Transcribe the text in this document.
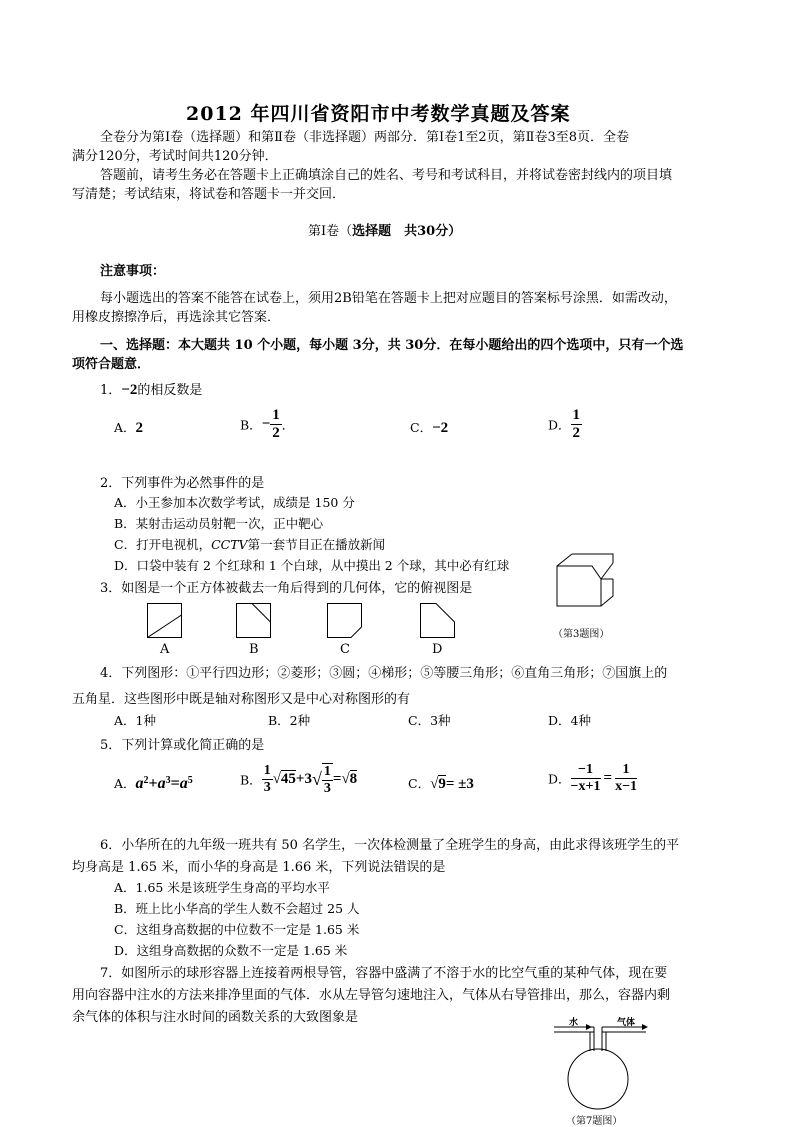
2012 年四川省资阳市中考数学真题及答案
全卷分为第Ⅰ卷（选择题）和第Ⅱ卷（非选择题）两部分．第Ⅰ卷1至2页，第Ⅱ卷3至8页．全卷
满分120分，考试时间共120分钟．
答题前，请考生务必在答题卡上正确填涂自己的姓名、考号和考试科目，并将试卷密封线内的项目填
写清楚；考试结束，将试卷和答题卡一并交回．
第Ⅰ卷（选择题　共30分）
注意事项：
每小题选出的答案不能答在试卷上，须用2B铅笔在答题卡上把对应题目的答案标号涂黑．如需改动，
用橡皮擦擦净后，再选涂其它答案．
一、选择题：本大题共 10 个小题，每小题 3分，共 30分．在每小题给出的四个选项中，只有一个选
项符合题意．
1．−2的相反数是
A．2	B．− $\frac{1}{2}$ ．	C．−2	D． $\frac{1}{2}$
2．下列事件为必然事件的是
A．小王参加本次数学考试，成绩是 150 分
B．某射击运动员射靶一次，正中靶心
C．打开电视机，CCTV第一套节目正在播放新闻
D．口袋中装有 2 个红球和 1 个白球，从中摸出 2 个球，其中必有红球
3．如图是一个正方体被截去一角后得到的几何体，它的俯视图是
A	B	C	D
（第3题图）
4．下列图形：①平行四边形；②菱形；③圆；④梯形；⑤等腰三角形；⑥直角三角形；⑦国旗上的
五角星．这些图形中既是轴对称图形又是中心对称图形的有
A．1种	B．2种	C．3种	D．4种
5．下列计算或化简正确的是
A．$a^2+a^3=a^5$	B． $\frac{1}{3} √45+3√ \frac{1}{3} =√8$	C．√9= ±3	D． $\frac{-1}{-x+1} = \frac{1}{x-1}$
6．小华所在的九年级一班共有 50 名学生，一次体检测量了全班学生的身高，由此求得该班学生的平
均身高是 1.65 米，而小华的身高是 1.66 米，下列说法错误的是
A．1.65 米是该班学生身高的平均水平
B．班上比小华高的学生人数不会超过 25 人
C．这组身高数据的中位数不一定是 1.65 米
D．这组身高数据的众数不一定是 1.65 米
7．如图所示的球形容器上连接着两根导管，容器中盛满了不溶于水的比空气重的某种气体，现在要
用向容器中注水的方法来排净里面的气体．水从左导管匀速地注入，气体从右导管排出，那么，容器内剩
余气体的体积与注水时间的函数关系的大致图象是	水	气体
（第7题图）
